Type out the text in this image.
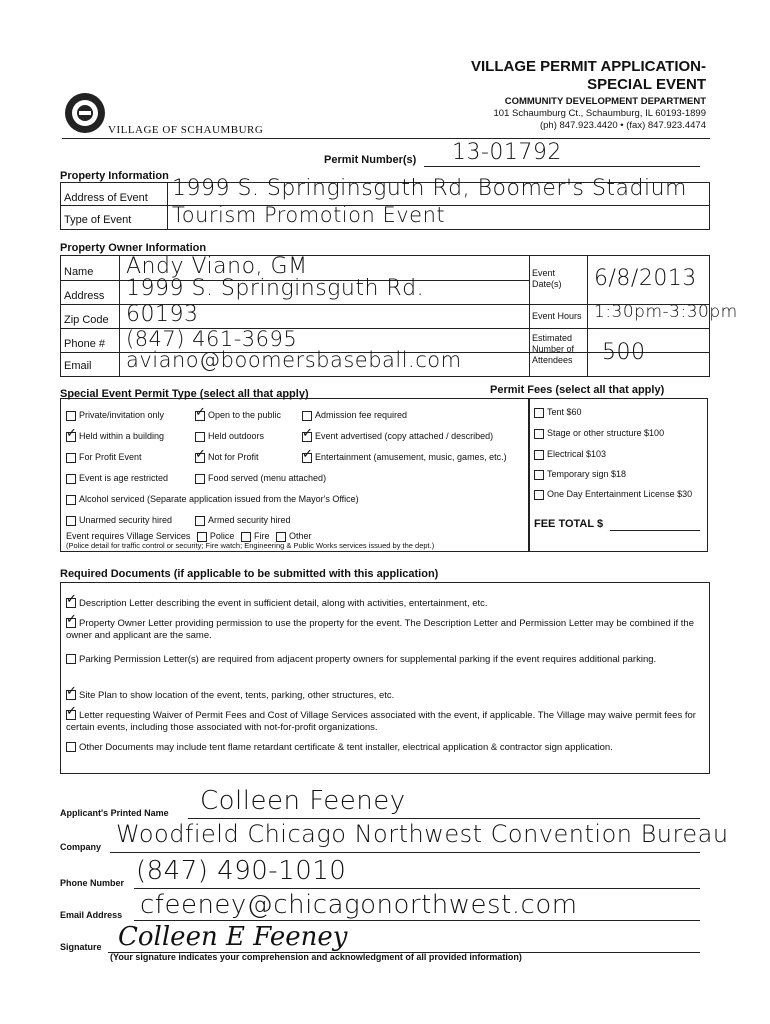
VILLAGE OF SCHAUMBURG
VILLAGE PERMIT APPLICATION-
SPECIAL EVENT
COMMUNITY DEVELOPMENT DEPARTMENT
101 Schaumburg Ct., Schaumburg, IL 60193-1899
(ph) 847.923.4420 • (fax) 847.923.4474
Permit Number(s) 13-01792
Property Information
Address of Event 1999 S. Springinsguth Rd, Boomer's Stadium
Type of Event Tourism Promotion Event
Property Owner Information
Name Andy Viano, GM
Address 1999 S. Springinsguth Rd.
Zip Code 60193
Phone # (847) 461-3695
Email aviano@boomersbaseball.com
Event
Date(s) 6/8/2013
Event Hours 1:30pm-3:30pm
Estimated
Number of
Attendees 500
Special Event Permit Type (select all that apply)	Permit Fees (select all that apply)
Private/invitation only ✓	Open to the public	Admission fee required
✓Held within a building	Held outdoors ✓	Event advertised (copy attached / described)
For Profit Event ✓	Not for Profit ✓	Entertainment (amusement, music, games, etc.)
Event is age restricted	Food served (menu attached)
Alcohol serviced (Separate application issued from the Mayor's Office)
Unarmed security hired	Armed security hired
Event requires Village Services Police Fire Other
(Police detail for traffic control or security; Fire watch; Engineering & Public Works services issued by the dept.)
Tent $60
Stage or other structure $100
Electrical $103
Temporary sign $18
One Day Entertainment License $30
FEE TOTAL $
Required Documents (if applicable to be submitted with this application)
✓Description Letter describing the event in sufficient detail, along with activities, entertainment, etc.
✓Property Owner Letter providing permission to use the property for the event. The Description Letter and Permission Letter may be combined if the owner and applicant are the same.
Parking Permission Letter(s) are required from adjacent property owners for supplemental parking if the event requires additional parking.
✓Site Plan to show location of the event, tents, parking, other structures, etc.
✓Letter requesting Waiver of Permit Fees and Cost of Village Services associated with the event, if applicable. The Village may waive permit fees for certain events, including those associated with not-for-profit organizations.
Other Documents may include tent flame retardant certificate & tent installer, electrical application & contractor sign application.
Applicant's Printed Name Colleen Feeney
Company Woodfield Chicago Northwest Convention Bureau
Phone Number (847) 490-1010
Email Address cfeeney@chicagonorthwest.com
Signature Colleen E Feeney
(Your signature indicates your comprehension and acknowledgment of all provided information)
